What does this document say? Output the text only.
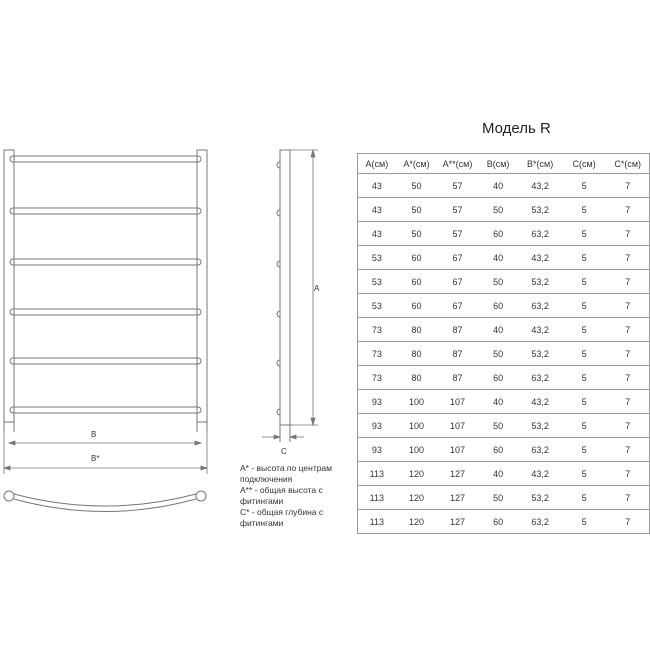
B
B*
A
C
Модель R
A* - высота по центрам подключения
A** - общая высота с фитингами
C* - общая глубина с фитингами
A(см)	A*(см)	A**(см)	B(см)	B*(см)	C(см)	C*(см)
43	50	57	40	43,2	5	7
43	50	57	50	53,2	5	7
43	50	57	60	63,2	5	7
53	60	67	40	43,2	5	7
53	60	67	50	53,2	5	7
53	60	67	60	63,2	5	7
73	80	87	40	43,2	5	7
73	80	87	50	53,2	5	7
73	80	87	60	63,2	5	7
93	100	107	40	43,2	5	7
93	100	107	50	53,2	5	7
93	100	107	60	63,2	5	7
113	120	127	40	43,2	5	7
113	120	127	50	53,2	5	7
113	120	127	60	63,2	5	7
